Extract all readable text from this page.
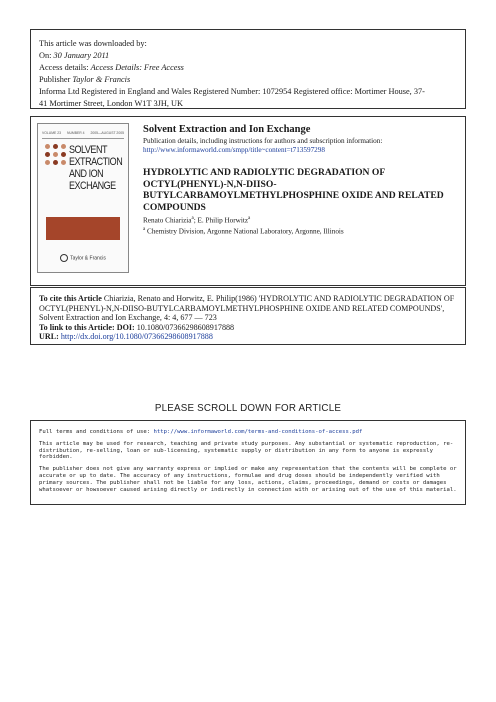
This article was downloaded by:
On: 30 January 2011
Access details: Access Details: Free Access
Publisher Taylor & Francis
Informa Ltd Registered in England and Wales Registered Number: 1072954 Registered office: Mortimer House, 37-
41 Mortimer Street, London W1T 3JH, UK
VOLUME 23 NUMBER 4 2005—AUGUST 2005
SOLVENT
EXTRACTION
AND ION
EXCHANGE
Taylor & Francis
Solvent Extraction and Ion Exchange
Publication details, including instructions for authors and subscription information:
http://www.informaworld.com/smpp/title~content=t713597298
HYDROLYTIC AND RADIOLYTIC DEGRADATION OF OCTYL(PHENYL)-N,N-DIISO-BUTYLCARBAMOYLMETHYLPHOSPHINE OXIDE AND RELATED COMPOUNDS
Renato Chiarizia$^a$; E. Philip Horwitz$^a$
$^a$ Chemistry Division, Argonne National Laboratory, Argonne, Illinois
To cite this Article Chiarizia, Renato and Horwitz, E. Philip(1986) 'HYDROLYTIC AND RADIOLYTIC DEGRADATION OF OCTYL(PHENYL)-N,N-DIISO-BUTYLCARBAMOYLMETHYLPHOSPHINE OXIDE AND RELATED COMPOUNDS', Solvent Extraction and Ion Exchange, 4: 4, 677 — 723
To link to this Article: DOI: 10.1080/07366298608917888
URL: http://dx.doi.org/10.1080/07366298608917888
PLEASE SCROLL DOWN FOR ARTICLE

Full terms and conditions of use: http://www.informaworld.com/terms-and-conditions-of-access.pdf

This article may be used for research, teaching and private study purposes. Any substantial or systematic reproduction, re-distribution, re-selling, loan or sub-licensing, systematic supply or distribution in any form to anyone is expressly forbidden.

The publisher does not give any warranty express or implied or make any representation that the contents will be complete or accurate or up to date. The accuracy of any instructions, formulae and drug doses should be independently verified with primary sources. The publisher shall not be liable for any loss, actions, claims, proceedings, demand or costs or damages whatsoever or howsoever caused arising directly or indirectly in connection with or arising out of the use of this material.
